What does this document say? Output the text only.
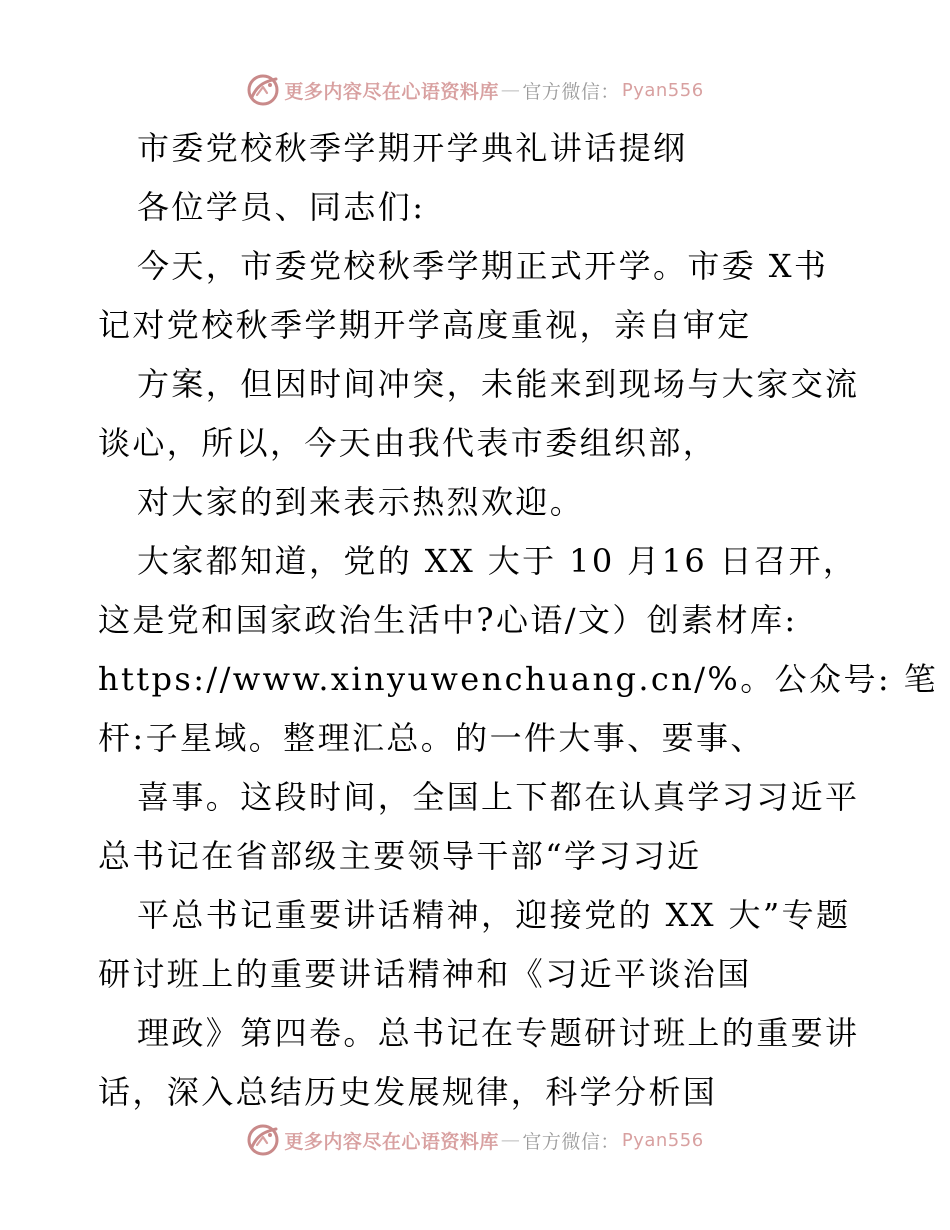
更多内容尽在心语资料库 — 官方微信： Pyan556
市委党校秋季学期开学典礼讲话提纲
各位学员、同志们:
今天，市委党校秋季学期正式开学。市委 X书
记对党校秋季学期开学高度重视，亲自审定
方案，但因时间冲突，未能来到现场与大家交流
谈心，所以，今天由我代表市委组织部，
对大家的到来表示热烈欢迎。
大家都知道，党的 XX 大于 10 月16 日召开，
这是党和国家政治生活中?心语/文）创素材库:
https://www.xinyuwenchuang.cn/%。公众号: 笔
杆:子星域。整理汇总。的一件大事、要事、
喜事。这段时间，全国上下都在认真学习习近平
总书记在省部级主要领导干部“学习习近
平总书记重要讲话精神，迎接党的 XX 大”专题
研讨班上的重要讲话精神和《习近平谈治国
理政》第四卷。总书记在专题研讨班上的重要讲
话，深入总结历史发展规律，科学分析国
更多内容尽在心语资料库 — 官方微信： Pyan556
